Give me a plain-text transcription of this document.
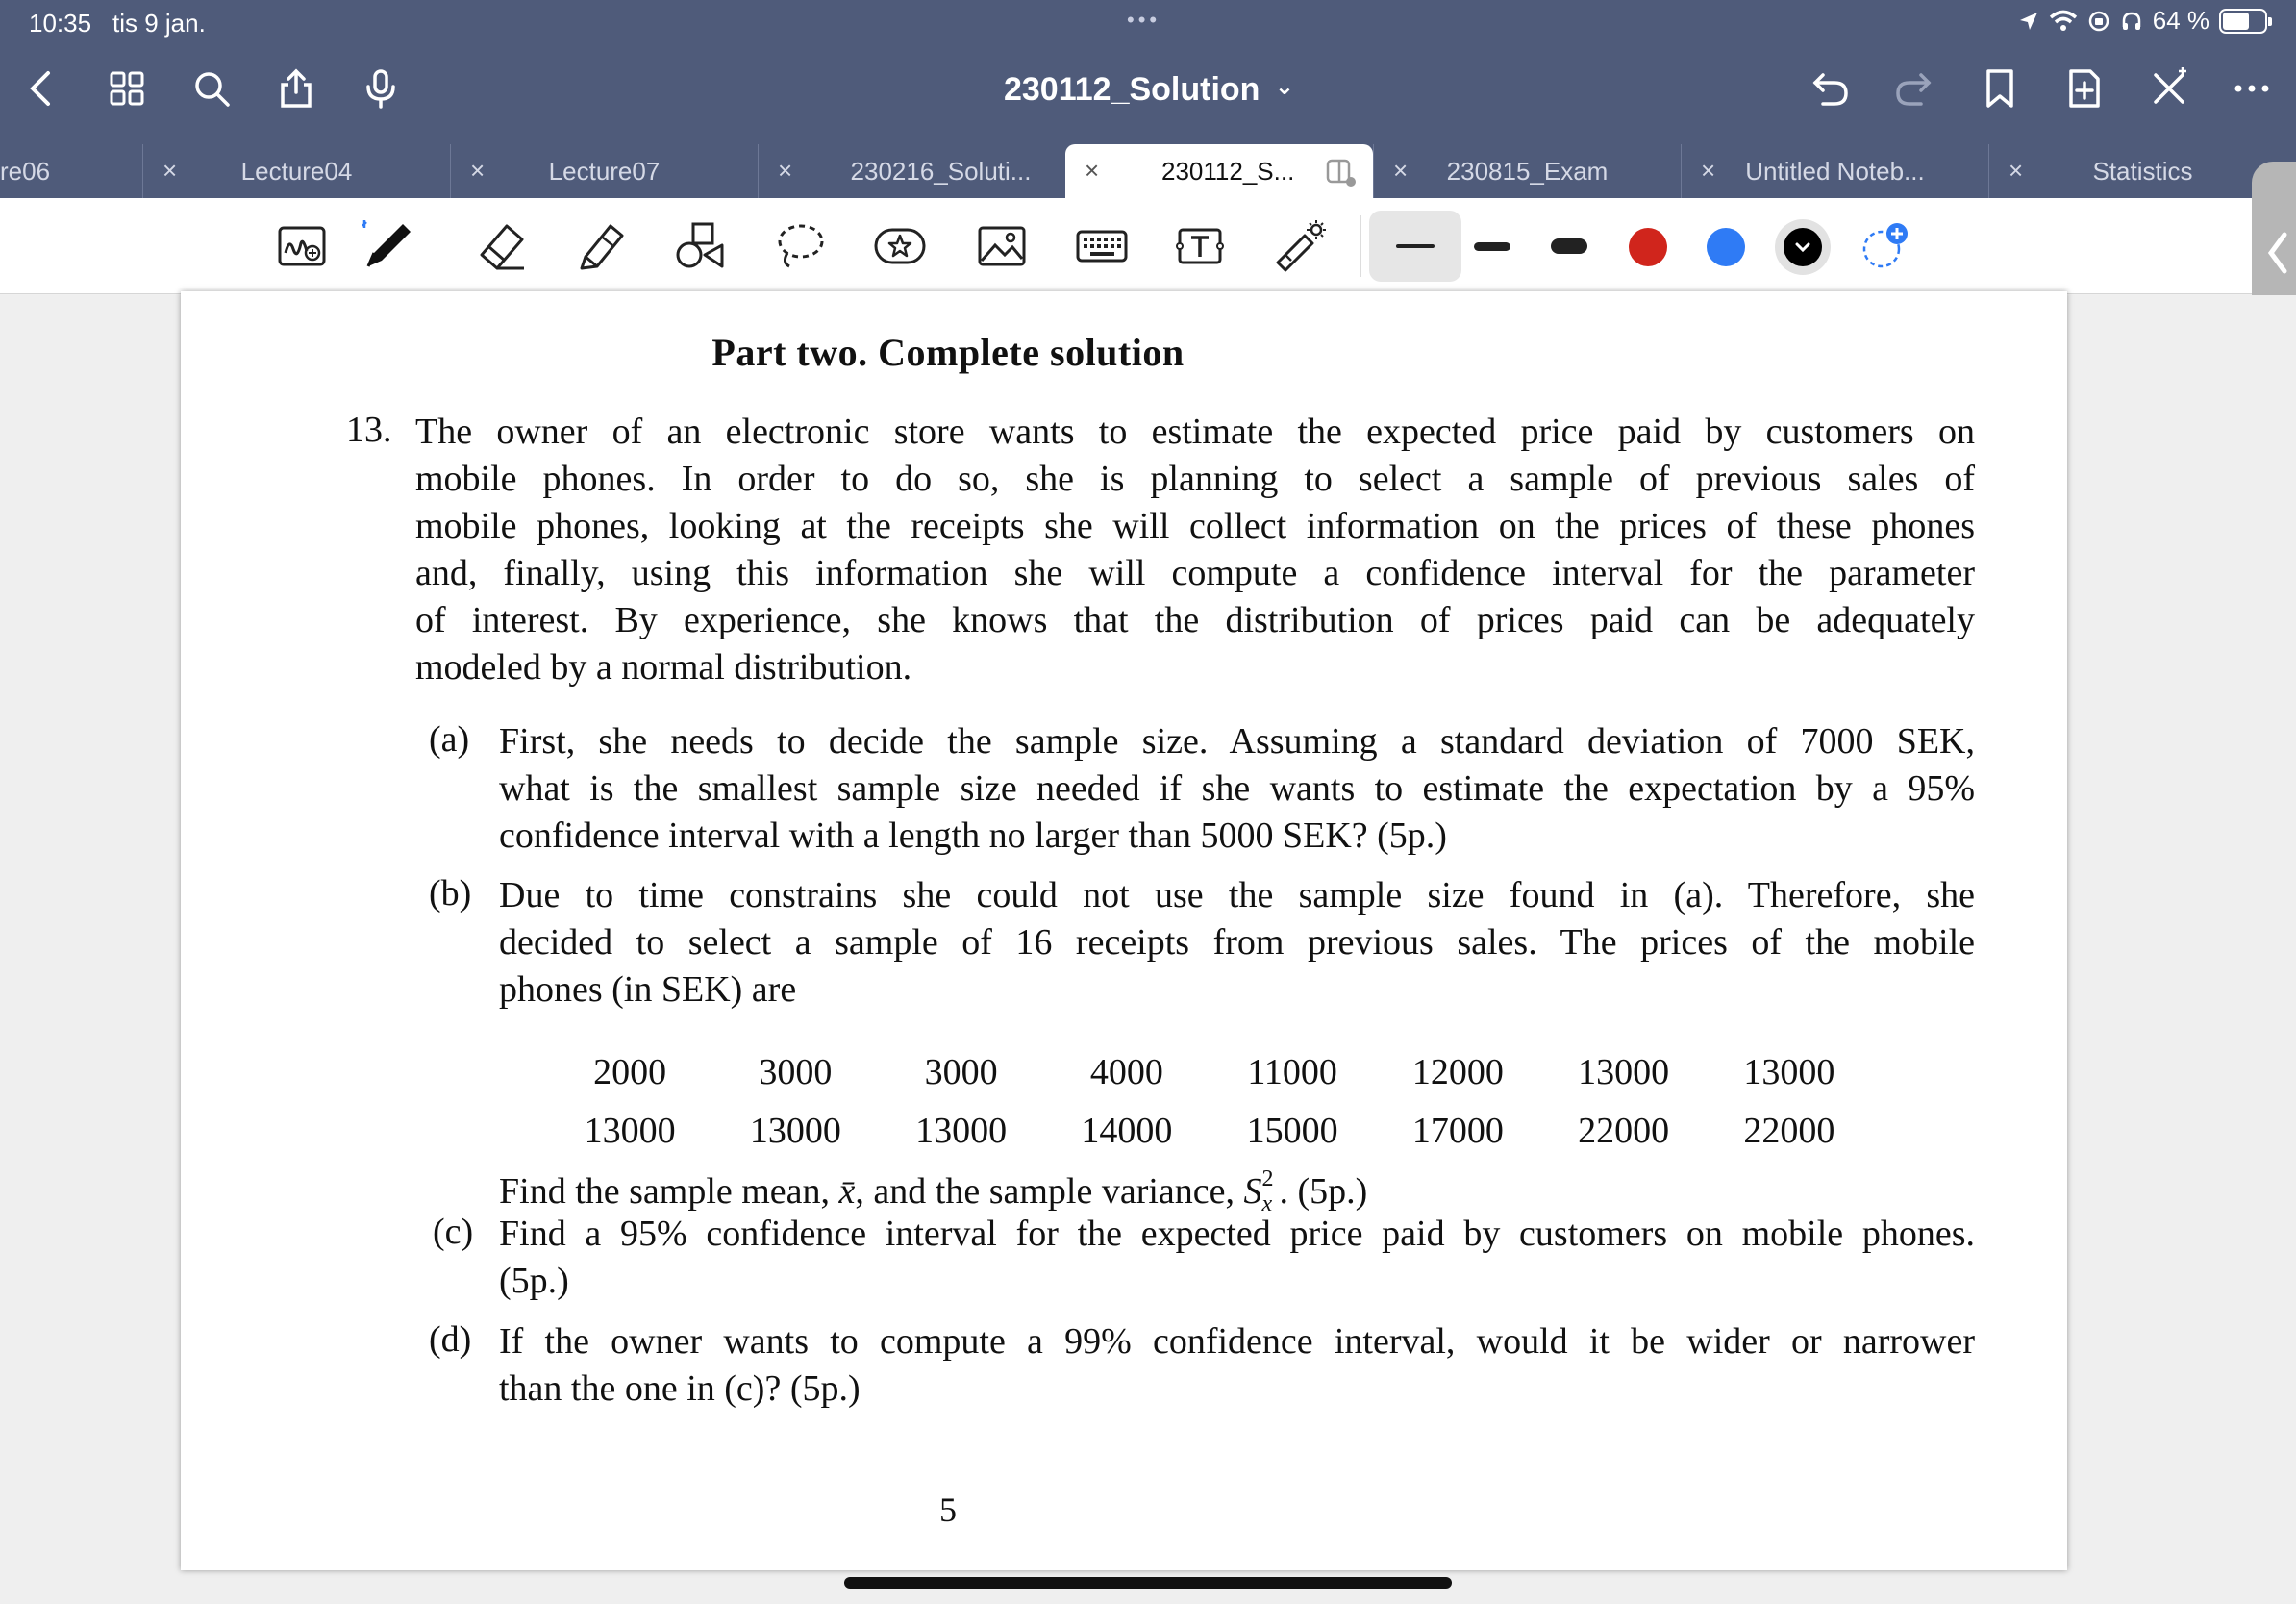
10:35 tis 9 jan.	•••	64 %
230112_Solution ⌄
re06	×	Lecture04	×	Lecture07	×	230216_Soluti...	× 230112_S...	×	230815_Exam	×	Untitled Noteb...	×	Statistics
Part two. Complete solution
13. The owner of an electronic store wants to estimate the expected price paid by customers on
mobile phones. In order to do so, she is planning to select a sample of previous sales of
mobile phones, looking at the receipts she will collect information on the prices of these phones
and, finally, using this information she will compute a confidence interval for the parameter
of interest. By experience, she knows that the distribution of prices paid can be adequately
modeled by a normal distribution.
(a) First, she needs to decide the sample size. Assuming a standard deviation of 7000 SEK,
what is the smallest sample size needed if she wants to estimate the expectation by a 95%
confidence interval with a length no larger than 5000 SEK? (5p.)
(b) Due to time constrains she could not use the sample size found in (a). Therefore, she
decided to select a sample of 16 receipts from previous sales. The prices of the mobile
phones (in SEK) are
2000	3000	3000	4000	11000	12000	13000	13000
13000	13000	13000	14000	15000	17000	22000	22000
Find the sample mean, x̄, and the sample variance, S 2
x . (5p.)
(c) Find a 95% confidence interval for the expected price paid by customers on mobile phones.
(5p.)
(d) If the owner wants to compute a 99% confidence interval, would it be wider or narrower
than the one in (c)? (5p.)
5
